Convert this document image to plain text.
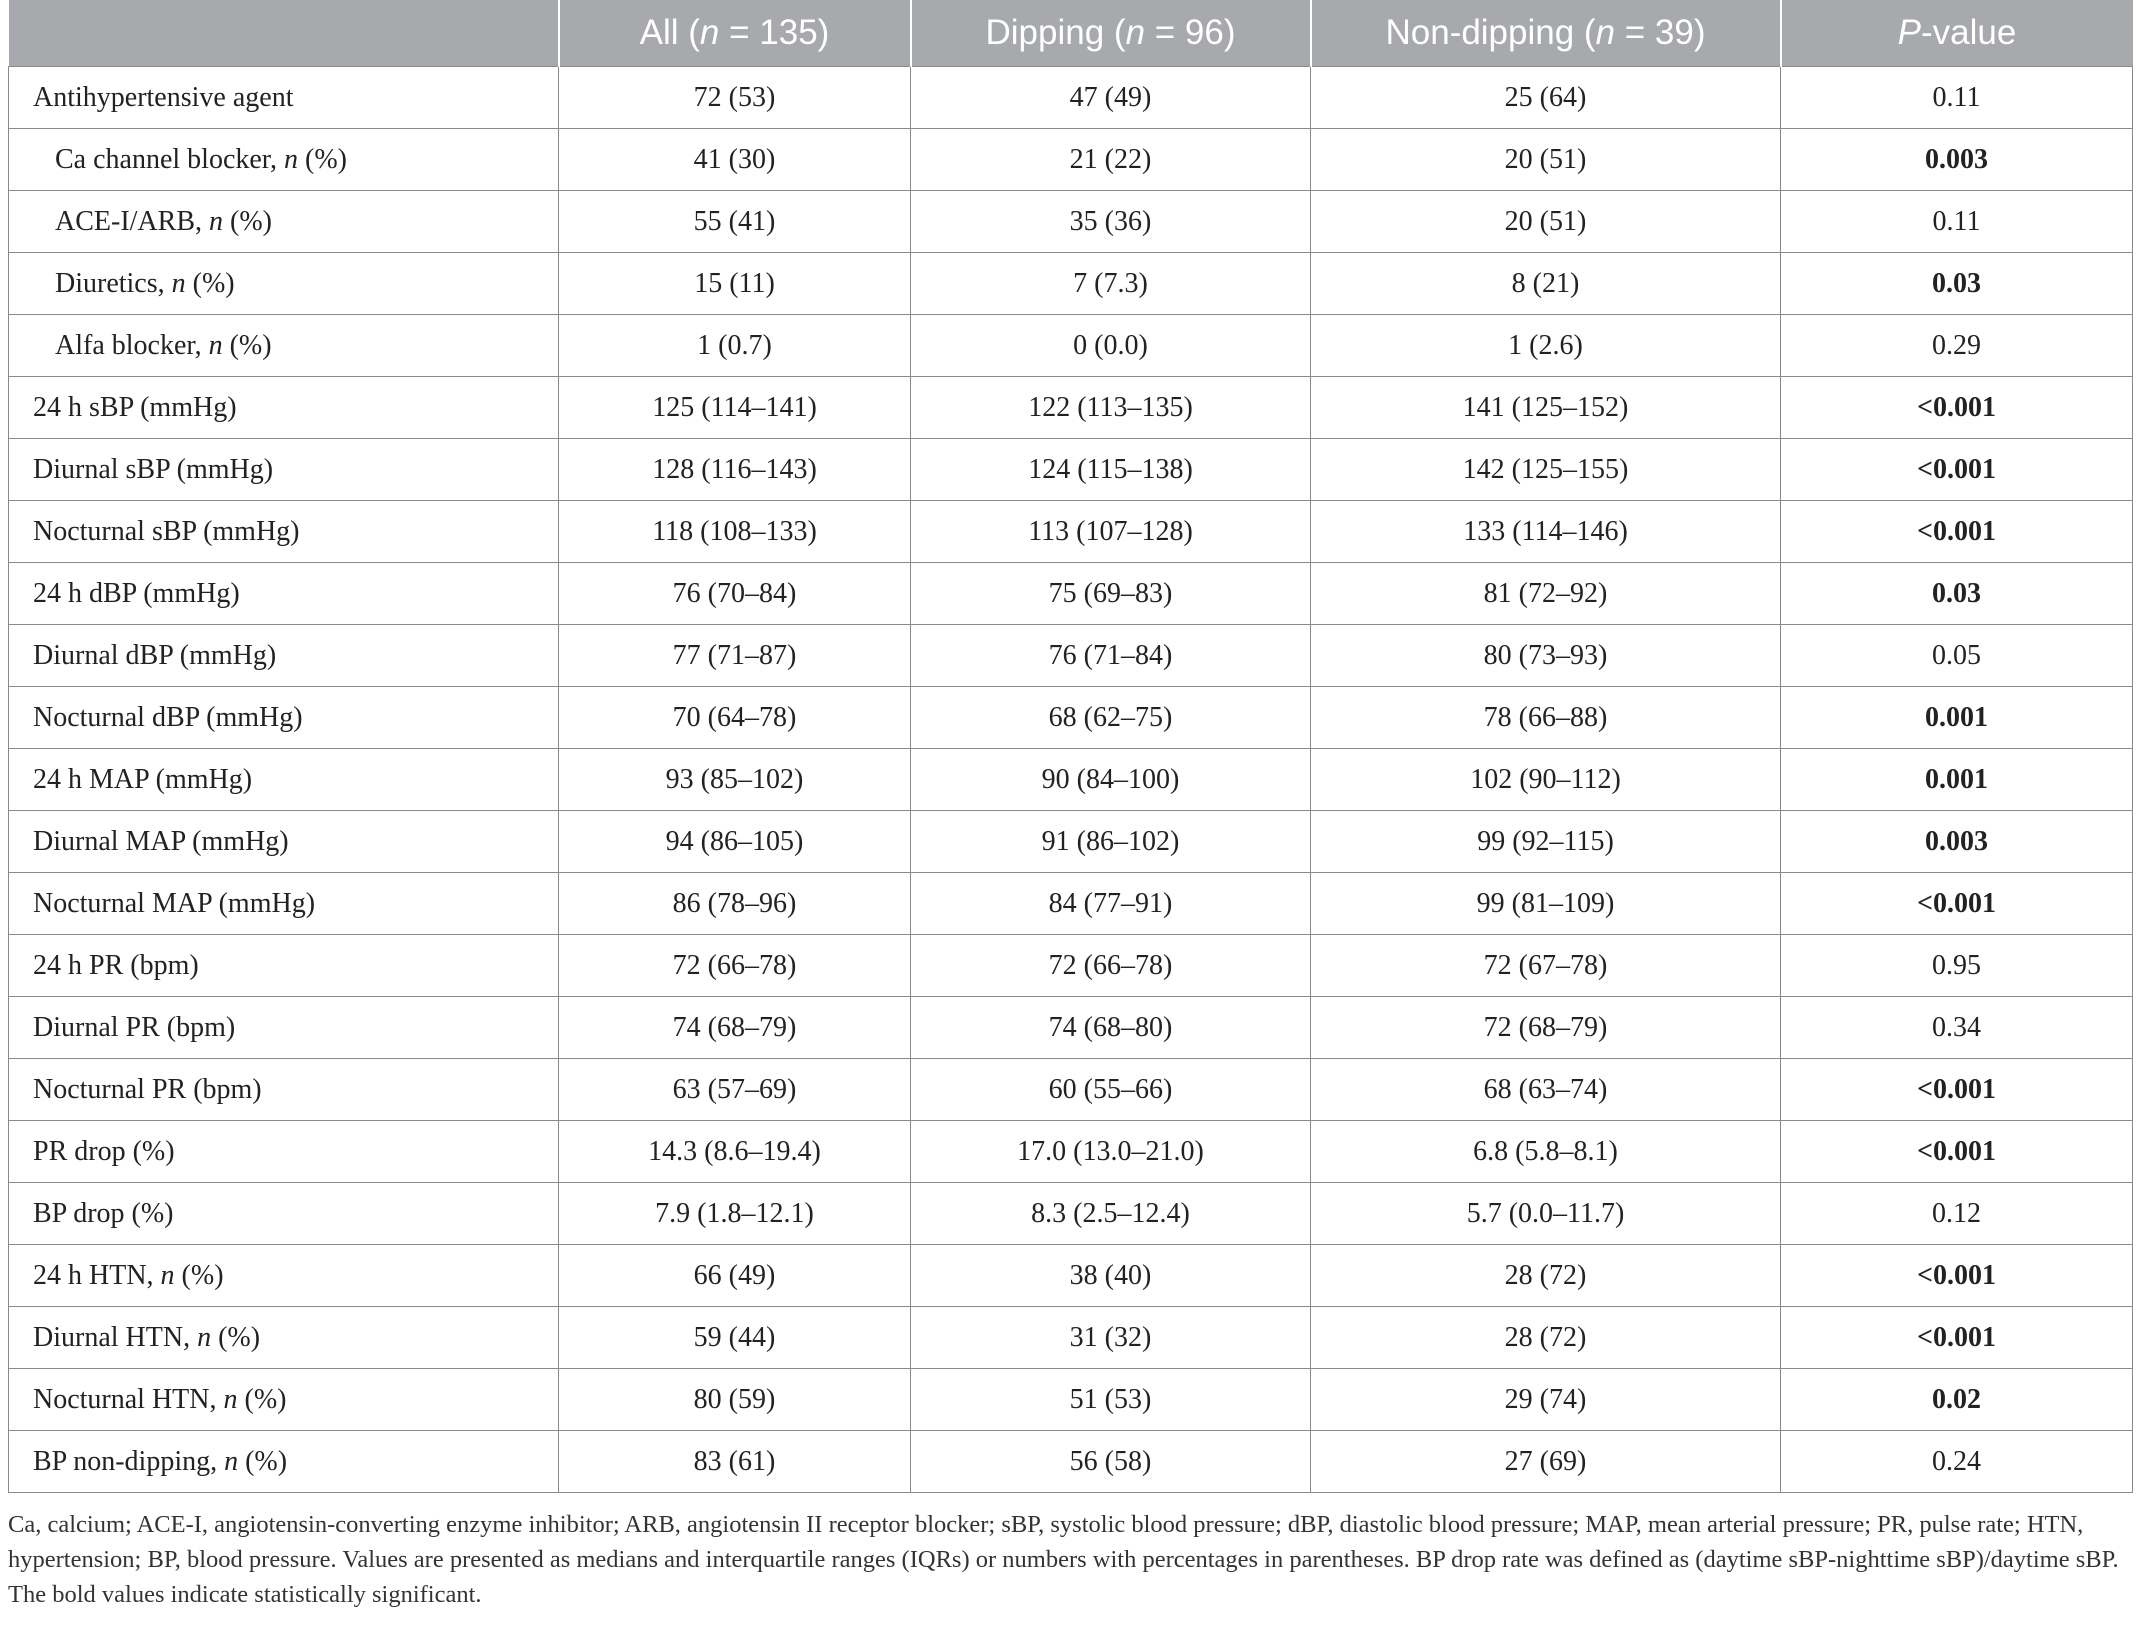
	All (n = 135)	Dipping (n = 96)	Non-dipping (n = 39)	P-value
Antihypertensive agent	72 (53)	47 (49)	25 (64)	0.11
Ca channel blocker, n (%)	41 (30)	21 (22)	20 (51)	0.003
ACE-I/ARB, n (%)	55 (41)	35 (36)	20 (51)	0.11
Diuretics, n (%)	15 (11)	7 (7.3)	8 (21)	0.03
Alfa blocker, n (%)	1 (0.7)	0 (0.0)	1 (2.6)	0.29
24 h sBP (mmHg)	125 (114–141)	122 (113–135)	141 (125–152)	<0.001
Diurnal sBP (mmHg)	128 (116–143)	124 (115–138)	142 (125–155)	<0.001
Nocturnal sBP (mmHg)	118 (108–133)	113 (107–128)	133 (114–146)	<0.001
24 h dBP (mmHg)	76 (70–84)	75 (69–83)	81 (72–92)	0.03
Diurnal dBP (mmHg)	77 (71–87)	76 (71–84)	80 (73–93)	0.05
Nocturnal dBP (mmHg)	70 (64–78)	68 (62–75)	78 (66–88)	0.001
24 h MAP (mmHg)	93 (85–102)	90 (84–100)	102 (90–112)	0.001
Diurnal MAP (mmHg)	94 (86–105)	91 (86–102)	99 (92–115)	0.003
Nocturnal MAP (mmHg)	86 (78–96)	84 (77–91)	99 (81–109)	<0.001
24 h PR (bpm)	72 (66–78)	72 (66–78)	72 (67–78)	0.95
Diurnal PR (bpm)	74 (68–79)	74 (68–80)	72 (68–79)	0.34
Nocturnal PR (bpm)	63 (57–69)	60 (55–66)	68 (63–74)	<0.001
PR drop (%)	14.3 (8.6–19.4)	17.0 (13.0–21.0)	6.8 (5.8–8.1)	<0.001
BP drop (%)	7.9 (1.8–12.1)	8.3 (2.5–12.4)	5.7 (0.0–11.7)	0.12
24 h HTN, n (%)	66 (49)	38 (40)	28 (72)	<0.001
Diurnal HTN, n (%)	59 (44)	31 (32)	28 (72)	<0.001
Nocturnal HTN, n (%)	80 (59)	51 (53)	29 (74)	0.02
BP non-dipping, n (%)	83 (61)	56 (58)	27 (69)	0.24
Ca, calcium; ACE-I, angiotensin-converting enzyme inhibitor; ARB, angiotensin II receptor blocker; sBP, systolic blood pressure; dBP, diastolic blood pressure; MAP, mean arterial pressure; PR, pulse rate; HTN, hypertension; BP, blood pressure. Values are presented as medians and interquartile ranges (IQRs) or numbers with percentages in parentheses. BP drop rate was defined as (daytime sBP-nighttime sBP)/daytime sBP. The bold values indicate statistically significant.
